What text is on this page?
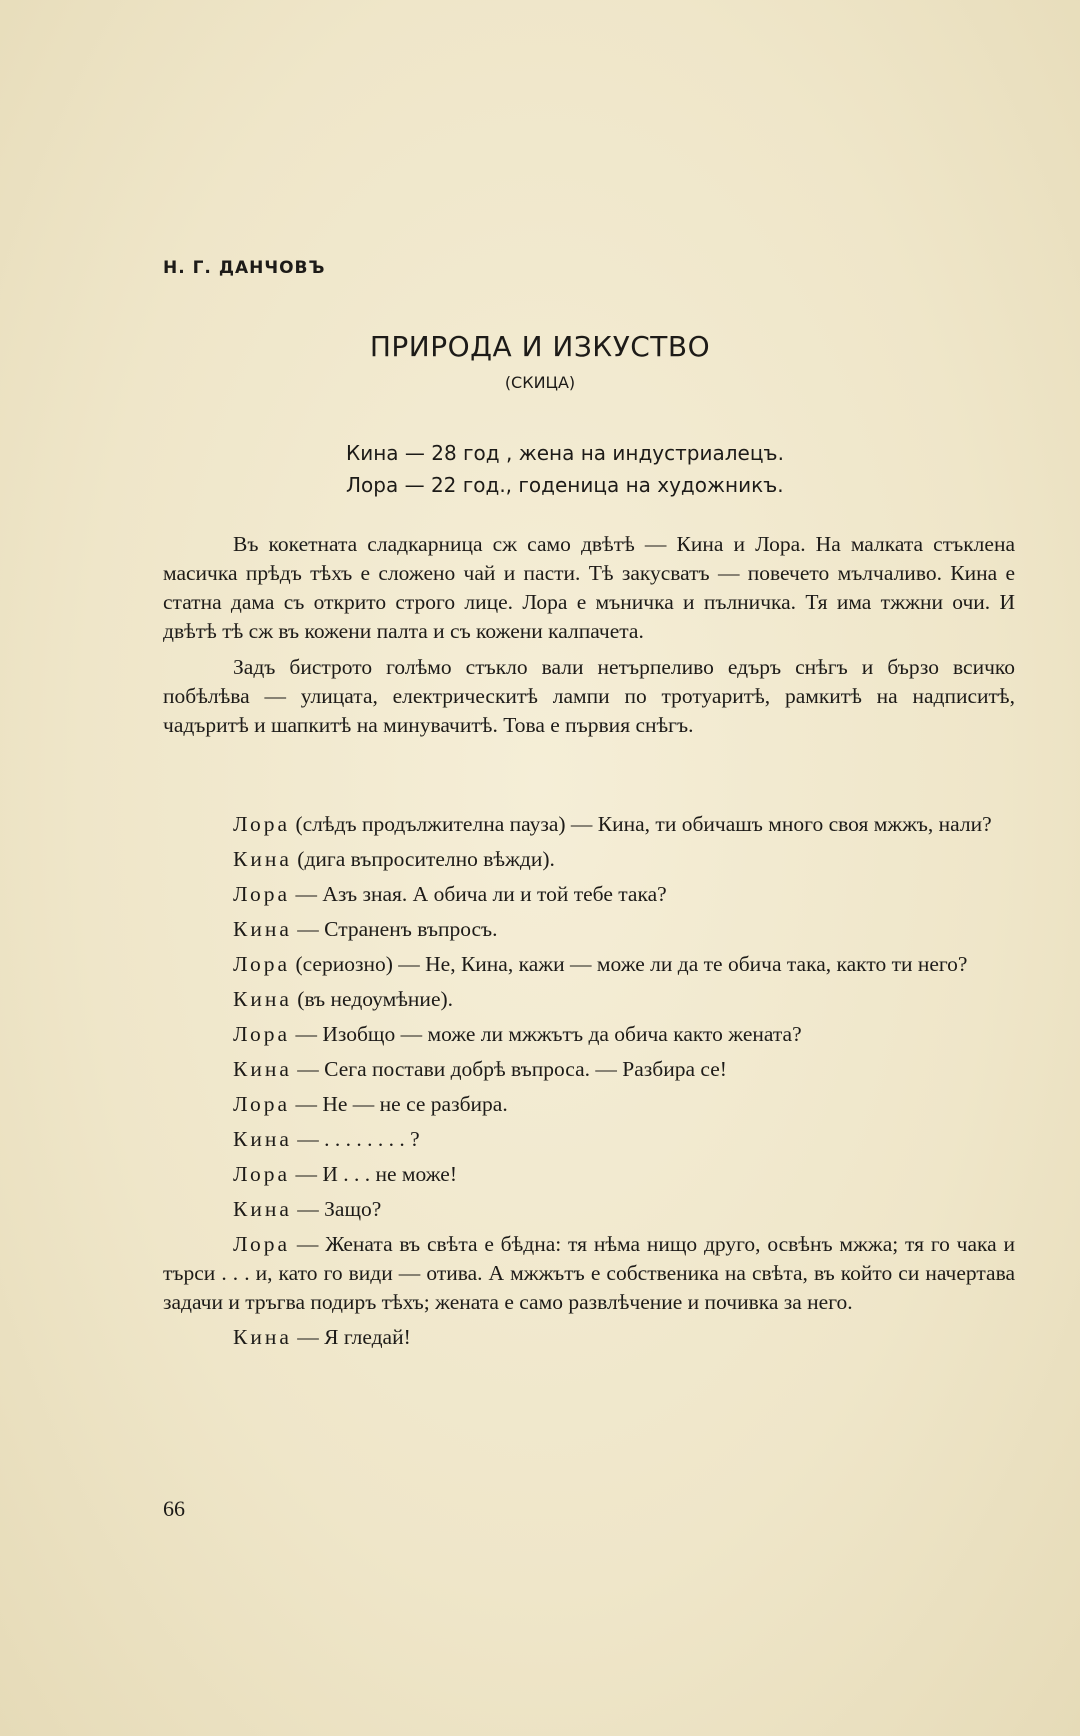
Н. Г. ДАНЧОВЪ
ПРИРОДА И ИЗКУСТВО
(СКИЦА)
Кина — 28 год , жена на индустриалецъ.
Лора — 22 год., годеница на художникъ.

Въ кокетната сладкарница сж само двѣтѣ — Кина и Лора. На малката стъклена масичка прѣдъ тѣхъ е сложено чай и пасти. Тѣ закусватъ — повечето мълчаливо. Кина е статна дама съ открито строго лице. Лора е мъничка и пълничка. Тя има тжжни очи. И двѣтѣ тѣ сж въ кожени палта и съ кожени калпачета.

Задъ бистрото голѣмо стъкло вали нетърпеливо едъръ снѣгъ и бързо всичко побѣлѣва — улицата, електрическитѣ лампи по тротуаритѣ, рамкитѣ на надписитѣ, чадъритѣ и шапкитѣ на минувачитѣ. Това е първия снѣгъ.

Лора (слѣдъ продължителна пауза) — Кина, ти обичашъ много своя мжжъ, нали?

Кина (дига въпросително вѣжди).

Лора — Азъ зная. А обича ли и той тебе така?

Кина — Страненъ въпросъ.

Лора (сериозно) — Не, Кина, кажи — може ли да те обича така, както ти него?

Кина (въ недоумѣние).

Лора — Изобщо — може ли мжжътъ да обича както жената?

Кина — Сега постави добрѣ въпроса. — Разбира се!

Лора — Не — не се разбира.

Кина — . . . . . . . . ?

Лора — И . . . не може!

Кина — Защо?

Лора — Жената въ свѣта е бѣдна: тя нѣма нищо друго, освѣнъ мжжа; тя го чака и търси . . . и, като го види — отива. А мжжътъ е собственика на свѣта, въ който си начертава задачи и тръгва подиръ тѣхъ; жената е само развлѣчение и почивка за него.

Кина — Я гледай!

66
